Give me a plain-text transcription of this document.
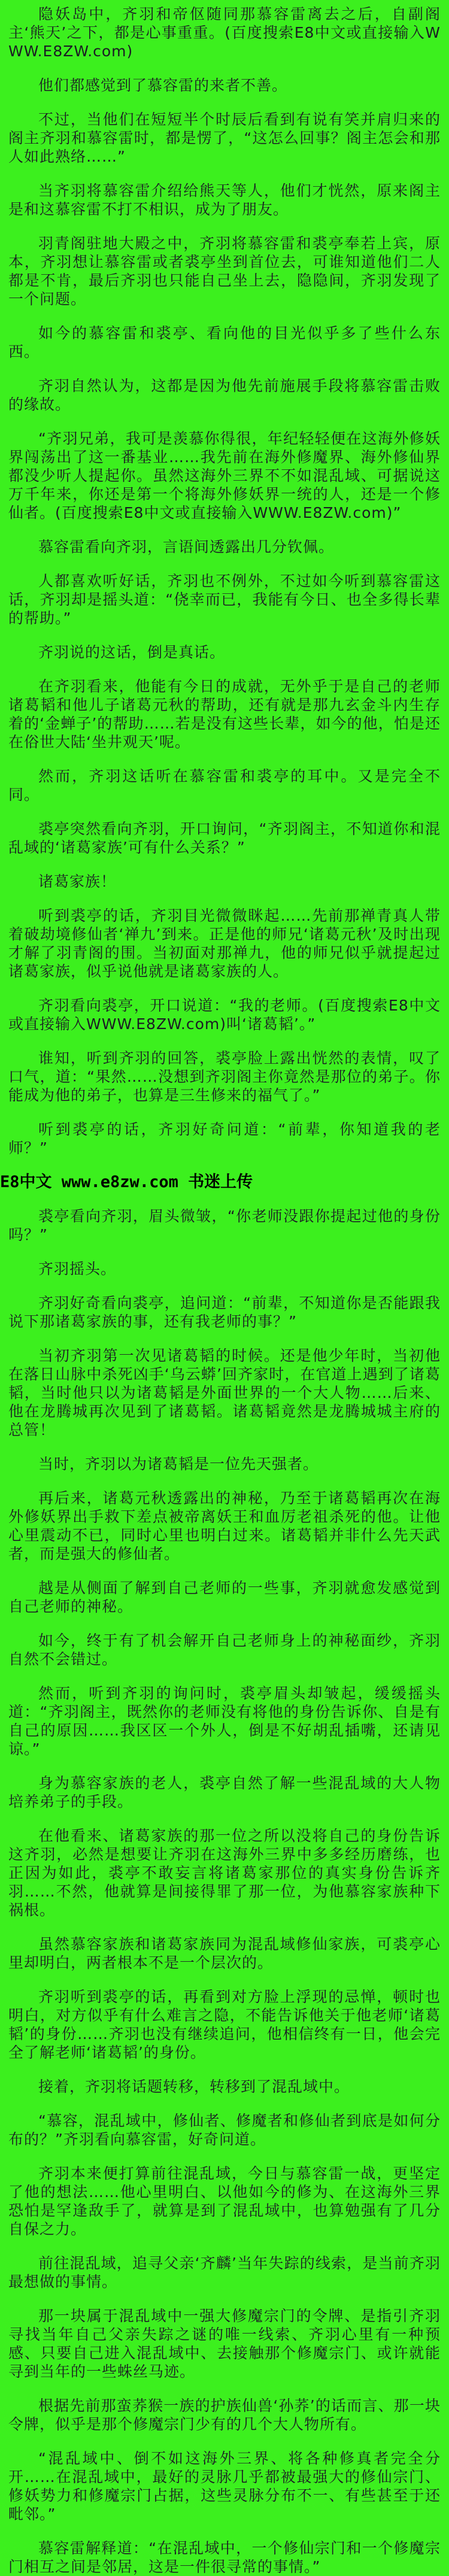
隐妖岛中，齐羽和帝伛随同那慕容雷离去之后，自副阁主‘熊天’之下，都是心事重重。(百度搜索E8中文或直接输入WWW.E8ZW.com)

他们都感觉到了慕容雷的来者不善。

不过，当他们在短短半个时辰后看到有说有笑并肩归来的阁主齐羽和慕容雷时，都是愣了，“这怎么回事？阁主怎会和那人如此熟络……”

当齐羽将慕容雷介绍给熊天等人，他们才恍然，原来阁主是和这慕容雷不打不相识，成为了朋友。

羽青阁驻地大殿之中，齐羽将慕容雷和裘亭奉若上宾，原本，齐羽想让慕容雷或者裘亭坐到首位去，可谁知道他们二人都是不肯，最后齐羽也只能自己坐上去，隐隐间，齐羽发现了一个问题。

如今的慕容雷和裘亭、看向他的目光似乎多了些什么东西。

齐羽自然认为，这都是因为他先前施展手段将慕容雷击败的缘故。

“齐羽兄弟，我可是羡慕你得很，年纪轻轻便在这海外修妖界闯荡出了这一番基业……我先前在海外修魔界、海外修仙界都没少听人提起你。虽然这海外三界不不如混乱域、可据说这万千年来，你还是第一个将海外修妖界一统的人，还是一个修仙者。(百度搜索E8中文或直接输入WWW.E8ZW.com)”

慕容雷看向齐羽，言语间透露出几分钦佩。

人都喜欢听好话，齐羽也不例外，不过如今听到慕容雷这话，齐羽却是摇头道：“侥幸而已，我能有今日、也全多得长辈的帮助。”

齐羽说的这话，倒是真话。

在齐羽看来，他能有今日的成就，无外乎于是自己的老师诸葛韬和他儿子诸葛元秋的帮助，还有就是那九玄金斗内生存着的‘金蝉子’的帮助……若是没有这些长辈，如今的他，怕是还在俗世大陆‘坐井观天’呢。

然而，齐羽这话听在慕容雷和裘亭的耳中。又是完全不同。

裘亭突然看向齐羽，开口询问，“齐羽阁主，不知道你和混乱域的‘诸葛家族’可有什么关系？”

诸葛家族！

听到裘亭的话，齐羽目光微微眯起……先前那禅青真人带着破劫境修仙者‘禅九’到来。正是他的师兄‘诸葛元秋’及时出现才解了羽青阁的围。当初面对那禅九，他的师兄似乎就提起过诸葛家族，似乎说他就是诸葛家族的人。

齐羽看向裘亭，开口说道：“我的老师。(百度搜索E8中文或直接输入WWW.E8ZW.com)叫‘诸葛韬’。”

谁知，听到齐羽的回答，裘亭脸上露出恍然的表情，叹了口气，道：“果然……没想到齐羽阁主你竟然是那位的弟子。你能成为他的弟子，也算是三生修来的福气了。”

听到裘亭的话，齐羽好奇问道：“前辈，你知道我的老师？”

E8中文 www.e8zw.com 书迷上传

裘亭看向齐羽，眉头微皱，“你老师没跟你提起过他的身份吗？”

齐羽摇头。

齐羽好奇看向裘亭，追问道：“前辈，不知道你是否能跟我说下那诸葛家族的事，还有我老师的事？”

当初齐羽第一次见诸葛韬的时候。还是他少年时，当初他在落日山脉中杀死凶手‘乌云蟒’回齐家时，在官道上遇到了诸葛韬，当时他只以为诸葛韬是外面世界的一个大人物……后来、他在龙腾城再次见到了诸葛韬。诸葛韬竟然是龙腾城城主府的总管！

当时，齐羽以为诸葛韬是一位先天强者。

再后来，诸葛元秋透露出的神秘，乃至于诸葛韬再次在海外修妖界出手救下差点被帝离妖王和血厉老祖杀死的他。让他心里震动不已，同时心里也明白过来。诸葛韬并非什么先天武者，而是强大的修仙者。

越是从侧面了解到自己老师的一些事，齐羽就愈发感觉到自己老师的神秘。

如今，终于有了机会解开自己老师身上的神秘面纱，齐羽自然不会错过。

然而，听到齐羽的询问时，裘亭眉头却皱起，缓缓摇头道：“齐羽阁主，既然你的老师没有将他的身份告诉你、自是有自己的原因……我区区一个外人，倒是不好胡乱插嘴，还请见谅。”

身为慕容家族的老人，裘亭自然了解一些混乱域的大人物培养弟子的手段。

在他看来、诸葛家族的那一位之所以没将自己的身份告诉这齐羽，必然是想要让齐羽在这海外三界中多多经历磨练，也正因为如此，裘亭不敢妄言将诸葛家那位的真实身份告诉齐羽……不然，他就算是间接得罪了那一位，为他慕容家族种下祸根。

虽然慕容家族和诸葛家族同为混乱域修仙家族，可裘亭心里却明白，两者根本不是一个层次的。

齐羽听到裘亭的话，再看到对方脸上浮现的忌惮，顿时也明白，对方似乎有什么难言之隐，不能告诉他关于他老师‘诸葛韬’的身份……齐羽也没有继续追问，他相信终有一日，他会完全了解老师‘诸葛韬’的身份。

接着，齐羽将话题转移，转移到了混乱域中。

“慕容，混乱域中，修仙者、修魔者和修仙者到底是如何分布的？”齐羽看向慕容雷，好奇问道。

齐羽本来便打算前往混乱域，今日与慕容雷一战，更坚定了他的想法……他心里明白、以他如今的修为、在这海外三界恐怕是罕逢敌手了，就算是到了混乱域中，也算勉强有了几分自保之力。

前往混乱域，追寻父亲‘齐麟’当年失踪的线索，是当前齐羽最想做的事情。

那一块属于混乱域中一强大修魔宗门的令牌、是指引齐羽寻找当年自己父亲失踪之谜的唯一线索、齐羽心里有一种预感、只要自己进入混乱域中、去接触那个修魔宗门、或许就能寻到当年的一些蛛丝马迹。

根据先前那蛮荞猴一族的护族仙兽‘孙荞’的话而言、那一块令牌，似乎是那个修魔宗门少有的几个大人物所有。

“混乱域中、倒不如这海外三界、将各种修真者完全分开……在混乱域中，最好的灵脉几乎都被最强大的修仙宗门、修妖势力和修魔宗门占据，这些灵脉分布不一、有些甚至于还毗邻。”

慕容雷解释道：“在混乱域中，一个修仙宗门和一个修魔宗门相互之间是邻居，这是一件很寻常的事情。”
